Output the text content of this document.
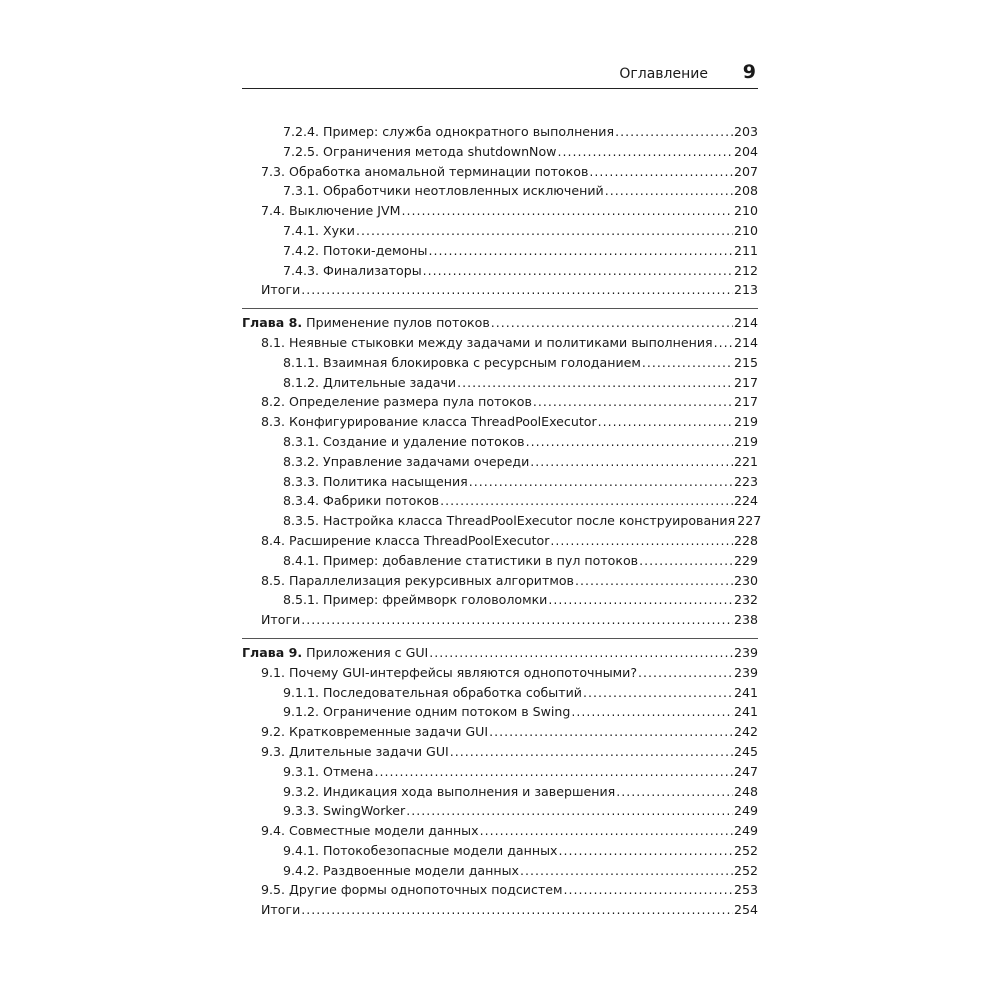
Оглавление 9
7.2.4. Пример: служба однократного выполнения .....	203
7.2.5. Ограничения метода shutdownNow .....	204
7.3. Обработка аномальной терминации потоков .....	207
7.3.1. Обработчики неотловленных исключений .....	208
7.4. Выключение JVM .....	210
7.4.1. Хуки .....	210
7.4.2. Потоки-демоны .....	211
7.4.3. Финализаторы .....	212
Итоги .....	213
Глава 8. Применение пулов потоков .....	214
8.1. Неявные стыковки между задачами и политиками выполнения ..... 214
8.1.1. Взаимная блокировка с ресурсным голоданием .....	215
8.1.2. Длительные задачи .....	217
8.2. Определение размера пула потоков .....	217
8.3. Конфигурирование класса ThreadPoolExecutor .....	219
8.3.1. Создание и удаление потоков .....	219
8.3.2. Управление задачами очереди .....	221
8.3.3. Политика насыщения .....	223
8.3.4. Фабрики потоков .....	224
8.3.5. Настройка класса ThreadPoolExecutor после конструирования 227
8.4. Расширение класса ThreadPoolExecutor .....	228
8.4.1. Пример: добавление статистики в пул потоков .....	229
8.5. Параллелизация рекурсивных алгоритмов .....	230
8.5.1. Пример: фреймворк головоломки .....	232
Итоги .....	238
Глава 9. Приложения с GUI .....	239
9.1. Почему GUI-интерфейсы являются однопоточными? .....	239
9.1.1. Последовательная обработка событий .....	241
9.1.2. Ограничение одним потоком в Swing .....	241
9.2. Кратковременные задачи GUI .....	242
9.3. Длительные задачи GUI .....	245
9.3.1. Отмена .....	247
9.3.2. Индикация хода выполнения и завершения .....	248
9.3.3. SwingWorker .....	249
9.4. Совместные модели данных .....	249
9.4.1. Потокобезопасные модели данных .....	252
9.4.2. Раздвоенные модели данных .....	252
9.5. Другие формы однопоточных подсистем .....	253
Итоги .....	254
